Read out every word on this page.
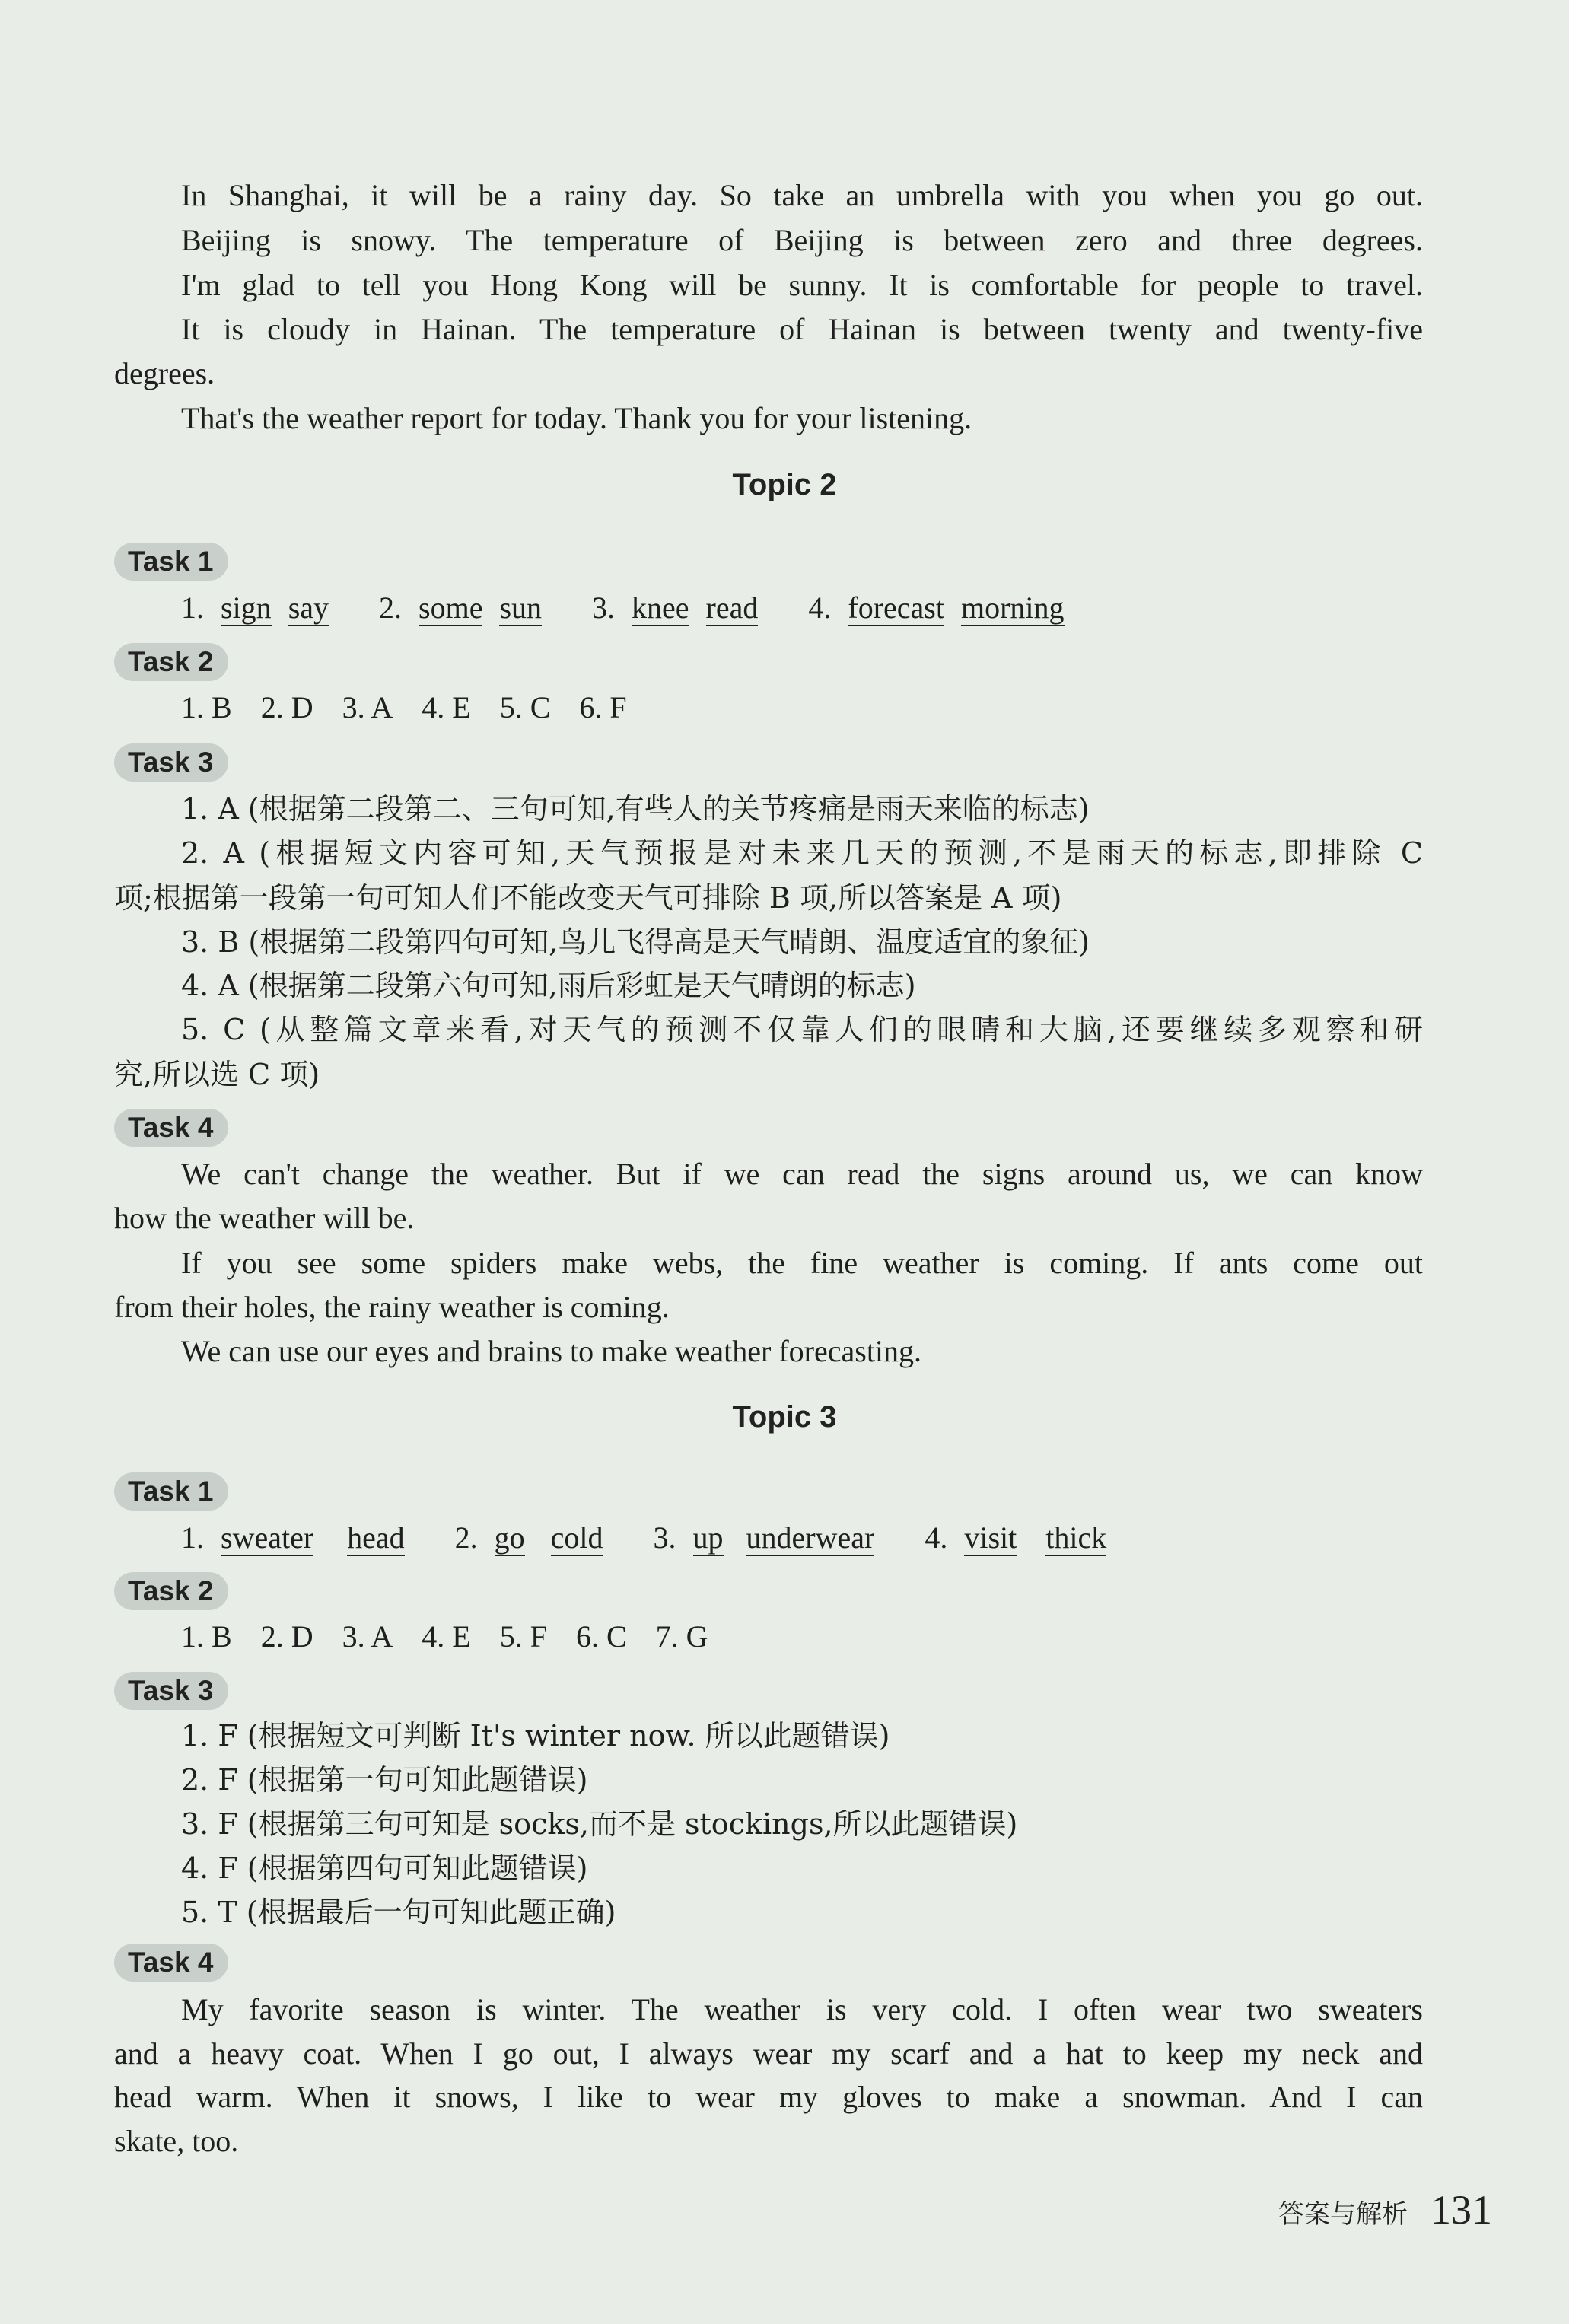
In Shanghai, it will be a rainy day. So take an umbrella with you when you go out.
Beijing is snowy. The temperature of Beijing is between zero and three degrees.
I'm glad to tell you Hong Kong will be sunny. It is comfortable for people to travel.
It is cloudy in Hainan. The temperature of Hainan is between twenty and twenty-five
degrees.
That's the weather report for today. Thank you for your listening.
Topic 2
Task 1
1. sign say 2. some sun 3. knee read 4. forecast morning
Task 2
1. B 2. D 3. A 4. E 5. C 6. F
Task 3
1. A (根据第二段第二、三句可知,有些人的关节疼痛是雨天来临的标志)
2. A (根据短文内容可知,天气预报是对未来几天的预测,不是雨天的标志,即排除 C
项;根据第一段第一句可知人们不能改变天气可排除 B 项,所以答案是 A 项)
3. B (根据第二段第四句可知,鸟儿飞得高是天气晴朗、温度适宜的象征)
4. A (根据第二段第六句可知,雨后彩虹是天气晴朗的标志)
5. C (从整篇文章来看,对天气的预测不仅靠人们的眼睛和大脑,还要继续多观察和研
究,所以选 C 项)
Task 4
We can't change the weather. But if we can read the signs around us, we can know
how the weather will be.
If you see some spiders make webs, the fine weather is coming. If ants come out
from their holes, the rainy weather is coming.
We can use our eyes and brains to make weather forecasting.
Topic 3
Task 1
1. sweater head 2. go cold 3. up underwear 4. visit thick
Task 2
1. B 2. D 3. A 4. E 5. F 6. C 7. G
Task 3
1. F (根据短文可判断 It's winter now. 所以此题错误)
2. F (根据第一句可知此题错误)
3. F (根据第三句可知是 socks,而不是 stockings,所以此题错误)
4. F (根据第四句可知此题错误)
5. T (根据最后一句可知此题正确)
Task 4
My favorite season is winter. The weather is very cold. I often wear two sweaters
and a heavy coat. When I go out, I always wear my scarf and a hat to keep my neck and
head warm. When it snows, I like to wear my gloves to make a snowman. And I can
skate, too.
答案与解析 131
